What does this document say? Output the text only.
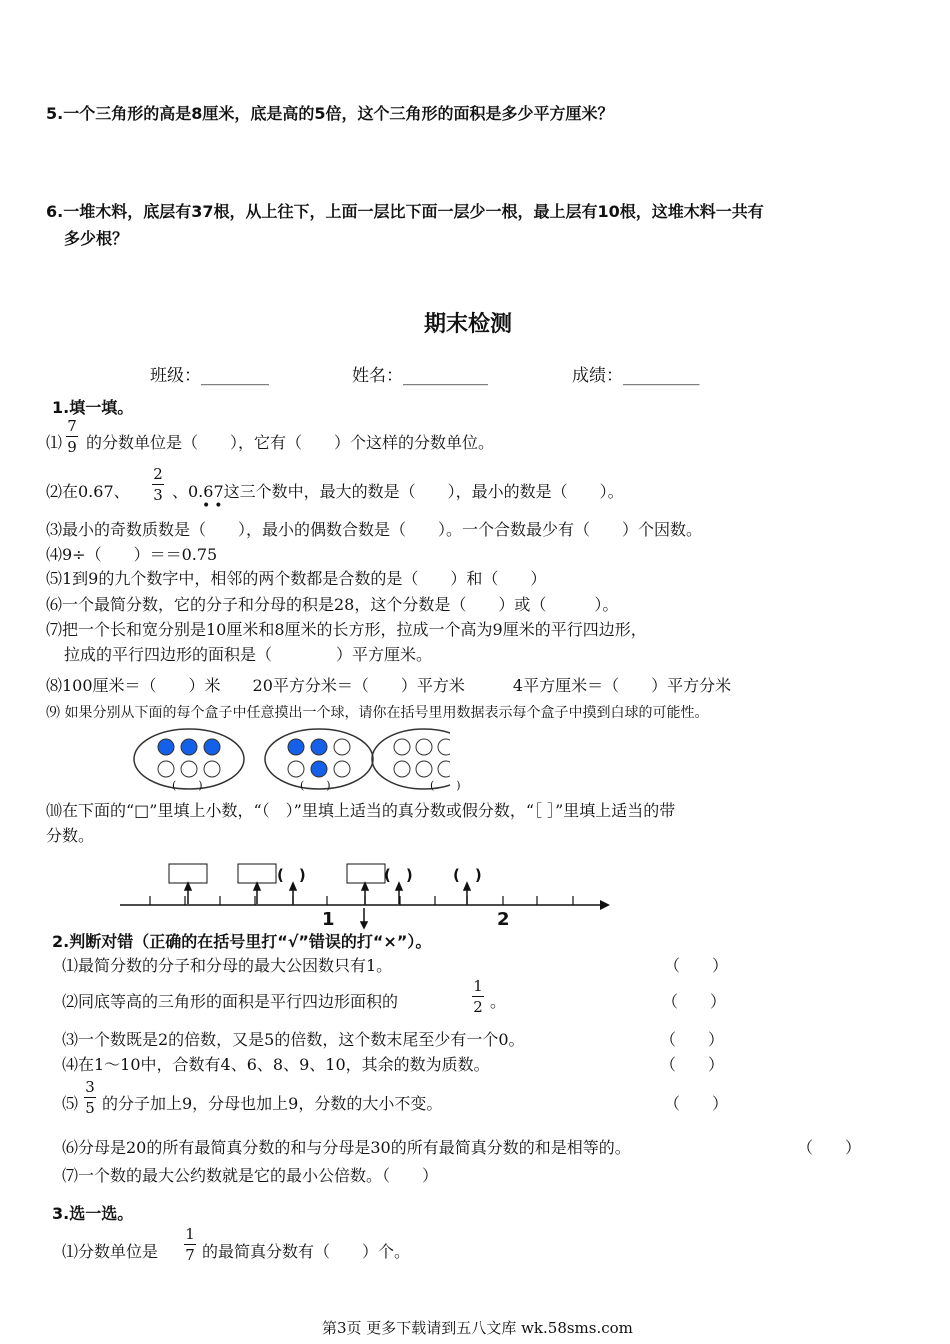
5.一个三角形的高是8厘米，底是高的5倍，这个三角形的面积是多少平方厘米？
6.一堆木料，底层有37根，从上往下，上面一层比下面一层少一根，最上层有10根，这堆木料一共有
多少根？
期末检测
班级：________	姓名：__________	成绩：_________
1.填一填。
⑴
7
9 的分数单位是（　　），它有（　　）个这样的分数单位。
⑵在0.67、
2
3 、0.67这三个数中，最大的数是（　　），最小的数是（　　）。
••
⑶最小的奇数质数是（　　），最小的偶数合数是（　　）。一个合数最少有（　　）个因数。
⑷9÷（　　）＝＝0.75
⑸1到9的九个数字中，相邻的两个数都是合数的是（　　）和（　　）
⑹一个最简分数，它的分子和分母的积是28，这个分数是（　　）或（　　　）。
⑺把一个长和宽分别是10厘米和8厘米的长方形，拉成一个高为9厘米的平行四边形，
拉成的平行四边形的面积是（　　　　）平方厘米。
⑻100厘米＝（　　）米　　20平方分米＝（　　）平方米　　　4平方厘米＝（　　）平方分米
⑼ 如果分别从下面的每个盒子中任意摸出一个球，请你在括号里用数据表示每个盒子中摸到白球的可能性。
(　　)	(　　)	(　　)
⑽在下面的“□”里填上小数，“（　）”里填上适当的真分数或假分数，“［ ］”里填上适当的带
分数。
(　)	(　)	(　)
1	2
2.判断对错（正确的在括号里打“√”错误的打“×”）。
⑴最简分数的分子和分母的最大公因数只有1。	（　　）
⑵同底等高的三角形的面积是平行四边形面积的
1
2 。	（　　）
⑶一个数既是2的倍数，又是5的倍数，这个数末尾至少有一个0。	（　　）
⑷在1～10中，合数有4、6、8、9、10，其余的数为质数。	（　　）
⑸
3
5 的分子加上9，分母也加上9，分数的大小不变。	（　　）
⑹分母是20的所有最简真分数的和与分母是30的所有最简真分数的和是相等的。	（　　）
⑺一个数的最大公约数就是它的最小公倍数。（　　）
3.选一选。
⑴分数单位是
1
7 的最简真分数有（　　）个。
第3页 更多下载请到五八文库 wk.58sms.com
